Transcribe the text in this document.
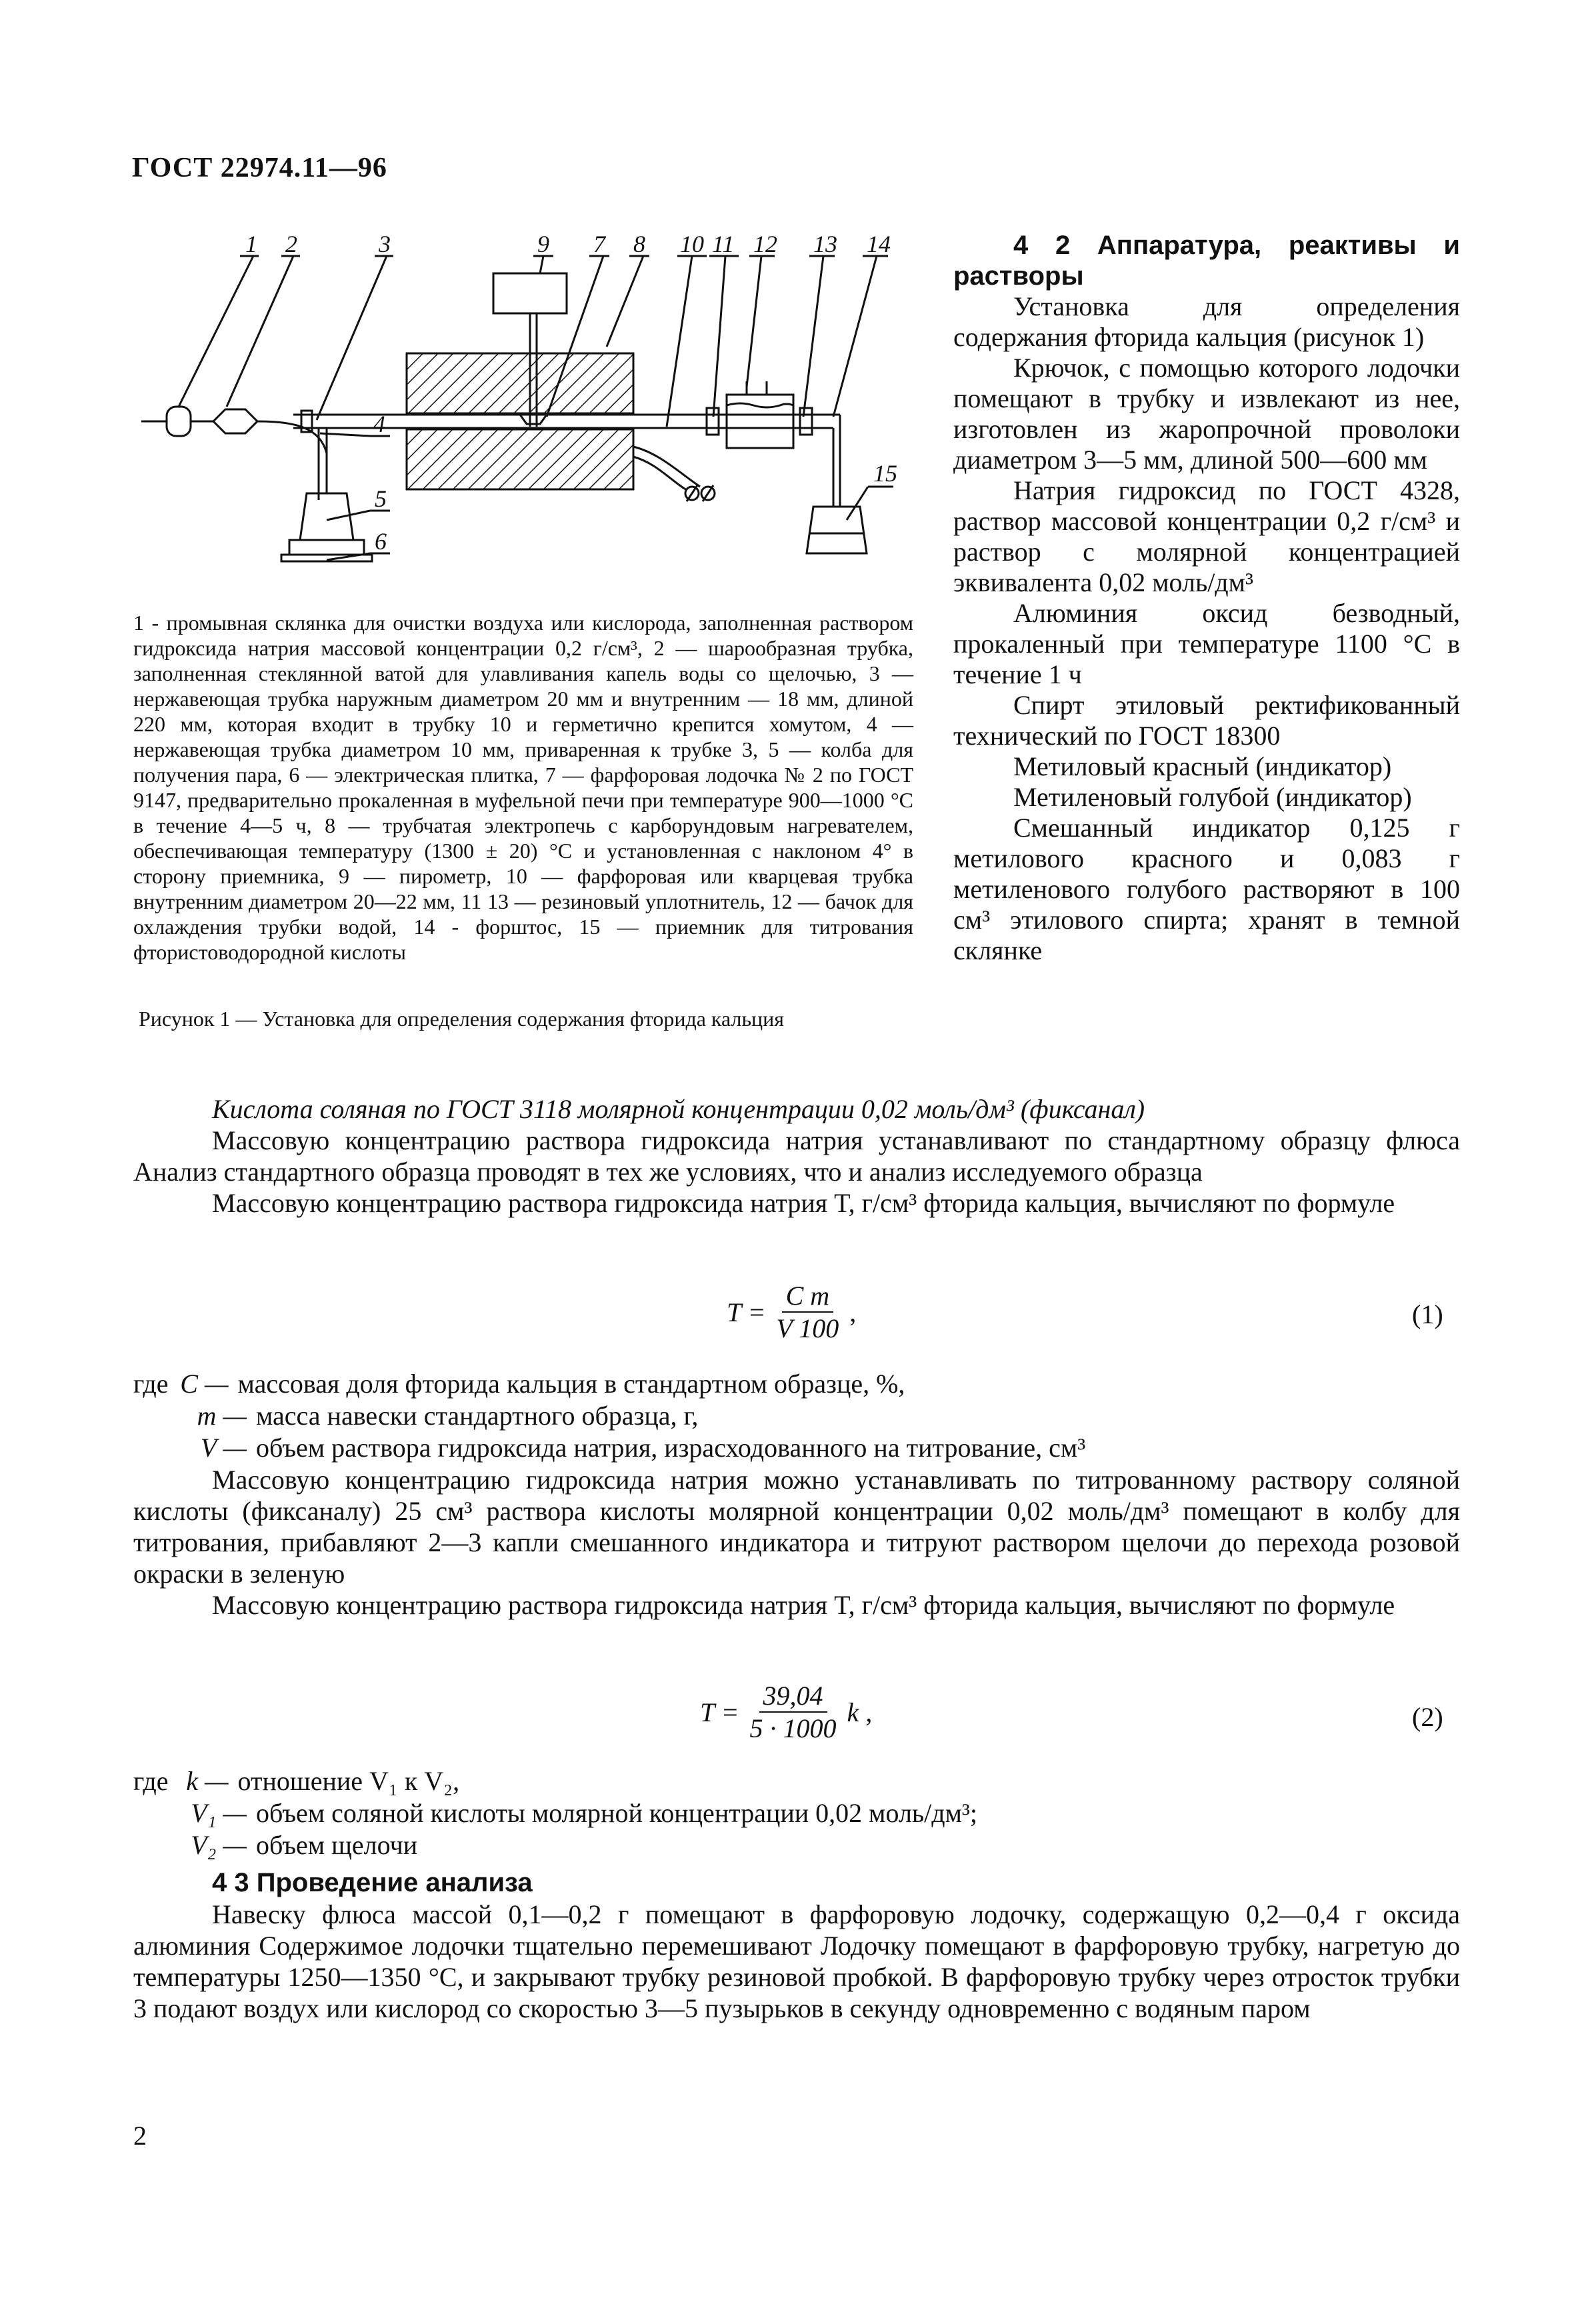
ГОСТ 22974.11—96
1 2	3	9 7 8 10 11 12 13 14
4
5
6
15
1 - промывная склянка для очистки воздуха или кислорода, заполненная раствором гидроксида натрия массовой концентрации 0,2 г/см³, 2 — шарообразная трубка, заполненная стеклянной ватой для улавливания капель воды со щелочью, 3 — нержавеющая трубка наружным диаметром 20 мм и внутренним — 18 мм, длиной 220 мм, которая входит в трубку 10 и герметично крепится хомутом, 4 — нержавеющая трубка диаметром 10 мм, приваренная к трубке 3, 5 — колба для получения пара, 6 — электрическая плитка, 7 — фарфоровая лодочка № 2 по ГОСТ 9147, предварительно прокаленная в муфельной печи при температуре 900—1000 °С в течение 4—5 ч, 8 — трубчатая электропечь с карборундовым нагревателем, обеспечивающая температуру (1300 ± 20) °С и установленная с наклоном 4° в сторону приемника, 9 — пирометр, 10 — фарфоровая или кварцевая трубка внутренним диаметром 20—22 мм, 11 13 — резиновый уплотнитель, 12 — бачок для охлаждения трубки водой, 14 - форштос, 15 — приемник для титрования фтористоводородной кислоты
Рисунок 1 — Установка для определения содержания фторида кальция

4 2 Аппаратура, реактивы и растворы

Установка для определения содержания фторида кальция (рисунок 1)

Крючок, с помощью которого лодочки помещают в трубку и извлекают из нее, изготовлен из жаропрочной проволоки диаметром 3—5 мм, длиной 500—600 мм

Натрия гидроксид по ГОСТ 4328, раствор массовой концентрации 0,2 г/см³ и раствор с молярной концентрацией эквивалента 0,02 моль/дм³

Алюминия оксид безводный, прокаленный при температуре 1100 °С в течение 1 ч

Спирт этиловый ректификованный технический по ГОСТ 18300

Метиловый красный (индикатор)

Метиленовый голубой (индикатор)

Смешанный индикатор 0,125 г метилового красного и 0,083 г метиленового голубого растворяют в 100 см³ этилового спирта; хранят в темной склянке

Кислота соляная по ГОСТ 3118 молярной концентрации 0,02 моль/дм³ (фиксанал)

Массовую концентрацию раствора гидроксида натрия устанавливают по стандартному образцу флюса Анализ стандартного образца проводят в тех же условиях, что и анализ исследуемого образца

Массовую концентрацию раствора гидроксида натрия T, г/см³ фторида кальция, вычисляют по формуле

$T = \frac{\text{C m}}{V 100}$ ,	(1)
где C — массовая доля фторида кальция в стандартном образце, %,
m — масса навески стандартного образца, г,
V — объем раствора гидроксида натрия, израсходованного на титрование, см³

Массовую концентрацию гидроксида натрия можно устанавливать по титрованному раствору соляной кислоты (фиксаналу) 25 см³ раствора кислоты молярной концентрации 0,02 моль/дм³ помещают в колбу для титрования, прибавляют 2—3 капли смешанного индикатора и титруют раствором щелочи до перехода розовой окраски в зеленую

Массовую концентрацию раствора гидроксида натрия T, г/см³ фторида кальция, вычисляют по формуле

$T = \frac{39,04}{5 \cdot 1000}$ k ,	(2)
где k — отношение V₁ к V₂,
V₁ — объем соляной кислоты молярной концентрации 0,02 моль/дм³;
V₂ — объем щелочи

4 3 Проведение анализа

Навеску флюса массой 0,1—0,2 г помещают в фарфоровую лодочку, содержащую 0,2—0,4 г оксида алюминия Содержимое лодочки тщательно перемешивают Лодочку помещают в фарфоровую трубку, нагретую до температуры 1250—1350 °С, и закрывают трубку резиновой пробкой. В фарфоровую трубку через отросток трубки 3 подают воздух или кислород со скоростью 3—5 пузырьков в секунду одновременно с водяным паром

2
